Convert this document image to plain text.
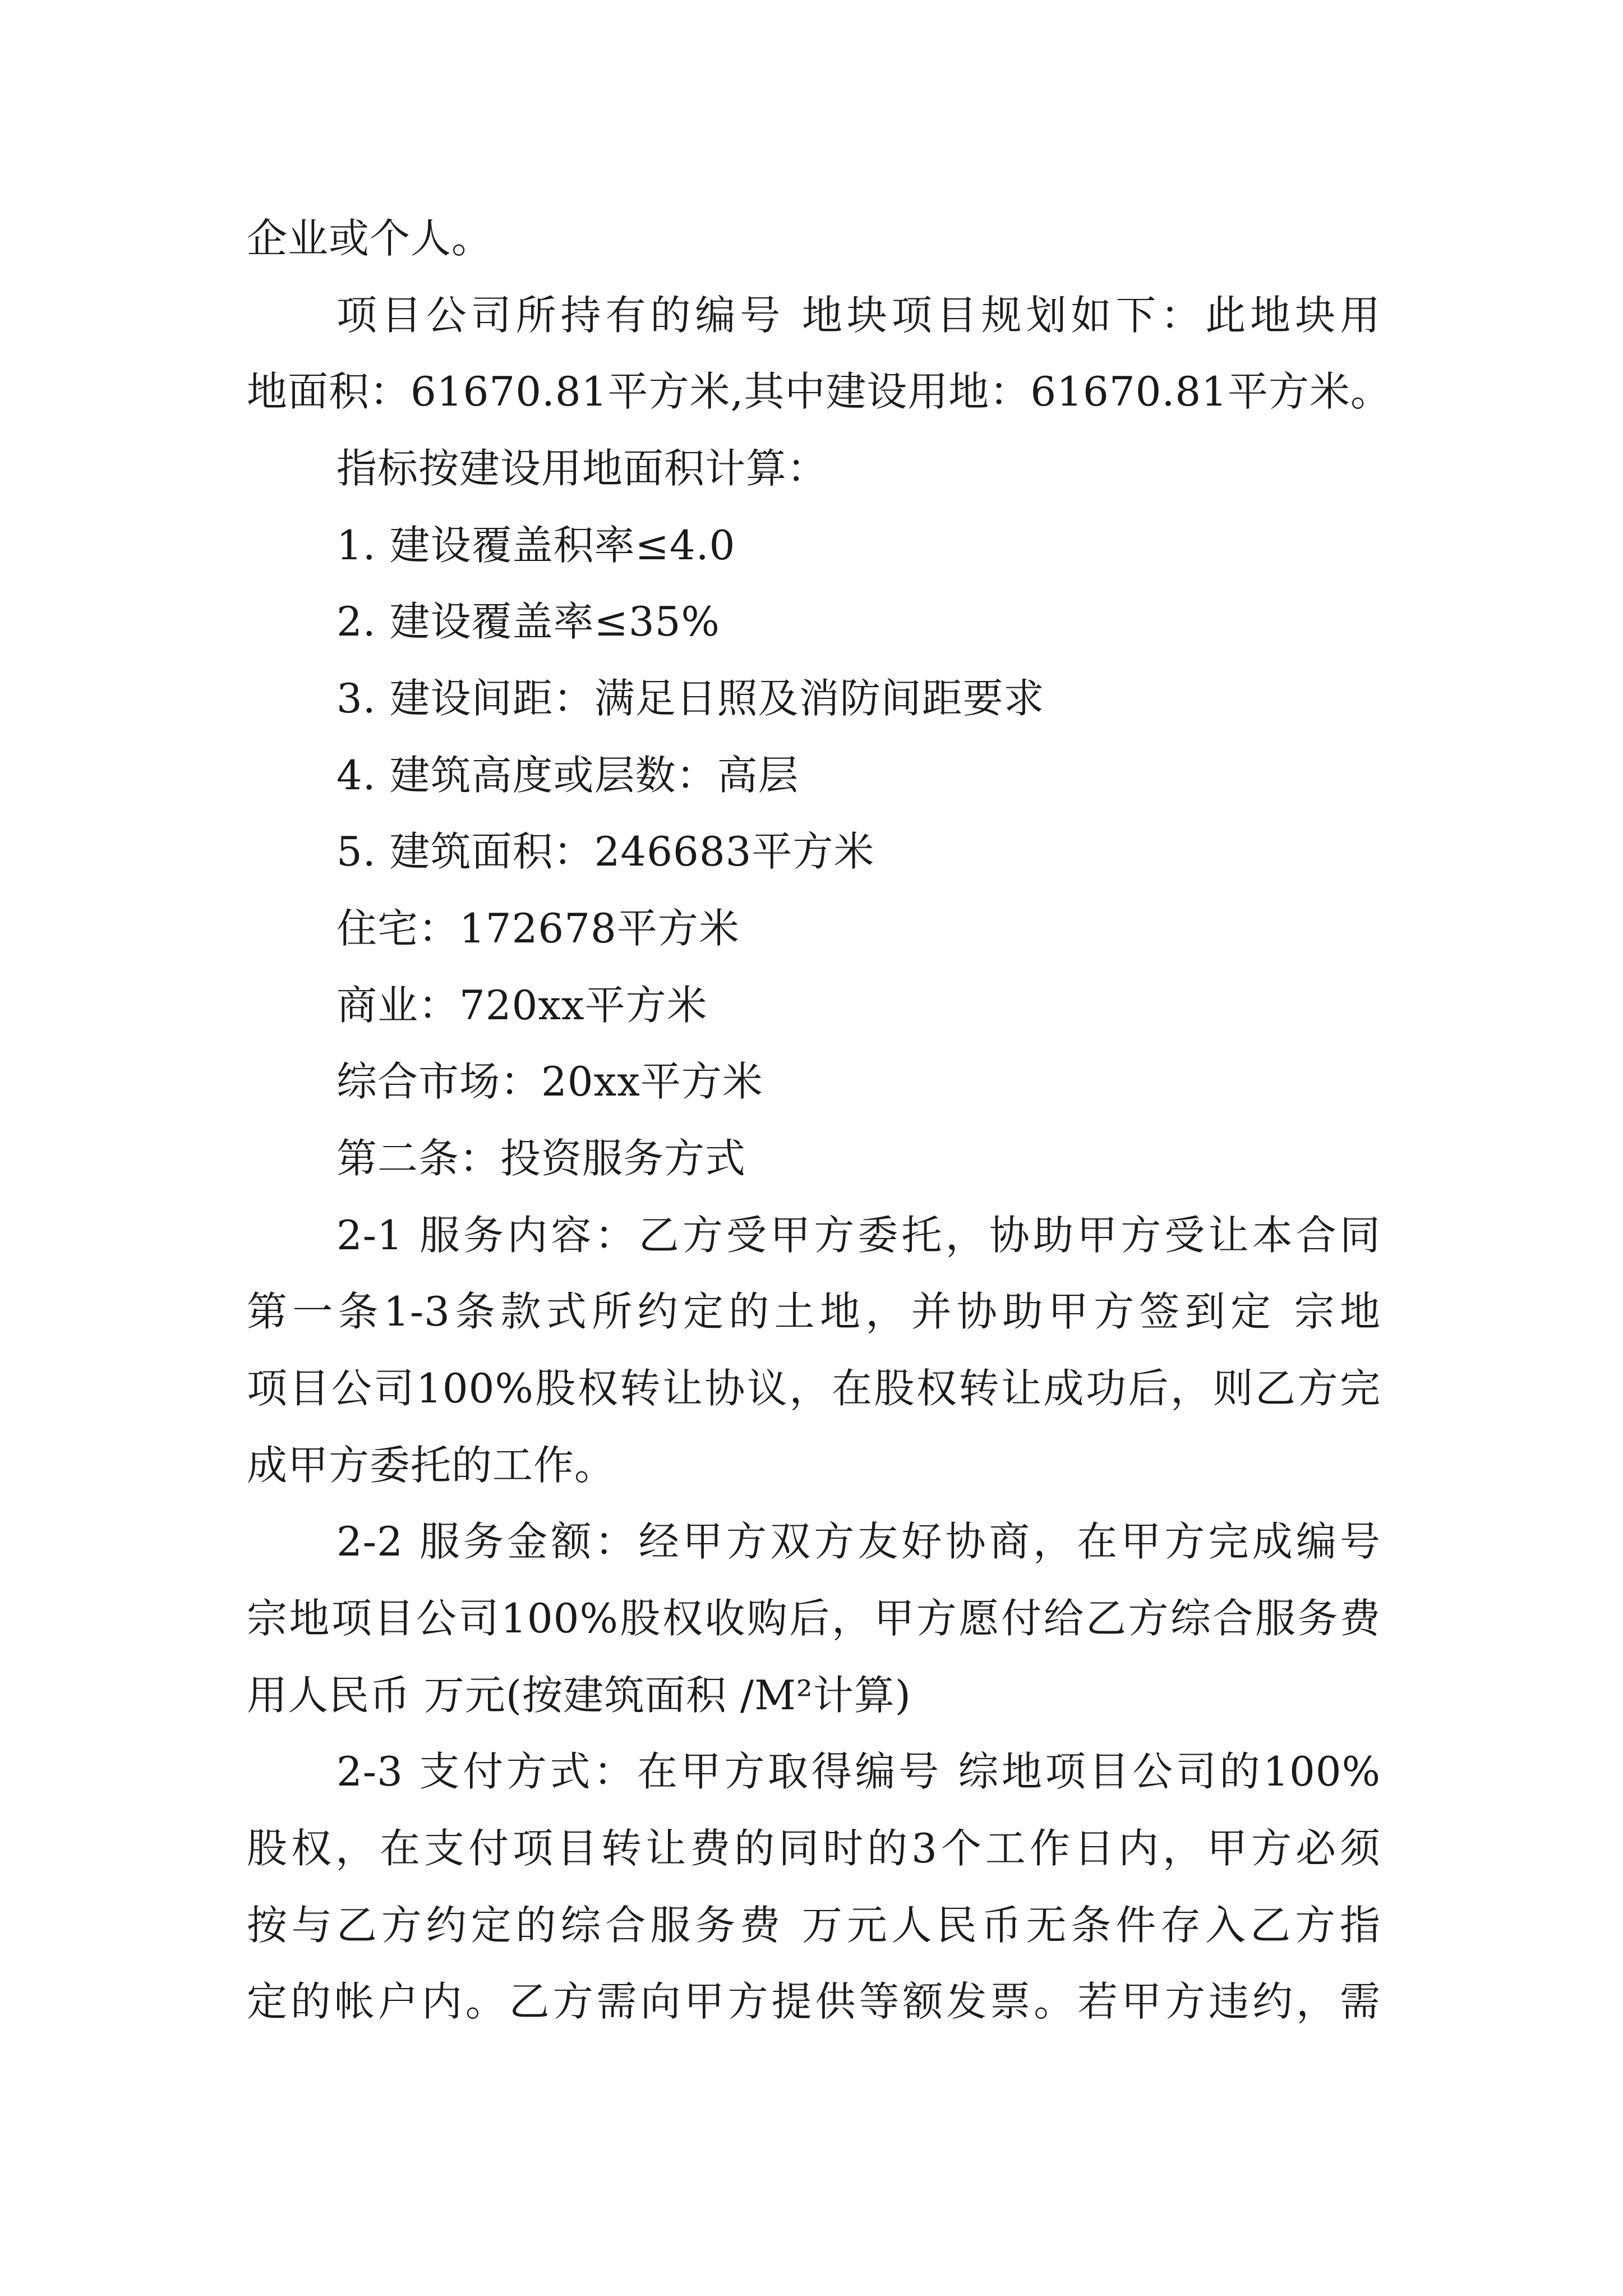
企业或个人。

项目公司所持有的编号 地块项目规划如下：此地块用

地面积：61670.81平方米,其中建设用地：61670.81平方米。

指标按建设用地面积计算：

1. 建设覆盖积率≤4.0

2. 建设覆盖率≤35%

3. 建设间距：满足日照及消防间距要求

4. 建筑高度或层数：高层

5. 建筑面积：246683平方米

住宅：172678平方米

商业：720xx平方米

综合市场：20xx平方米

第二条：投资服务方式

2-1 服务内容：乙方受甲方委托，协助甲方受让本合同

第一条1-3条款式所约定的土地，并协助甲方签到定 宗地

项目公司100%股权转让协议，在股权转让成功后，则乙方完

成甲方委托的工作。

2-2 服务金额：经甲方双方友好协商，在甲方完成编号

宗地项目公司100%股权收购后，甲方愿付给乙方综合服务费

用人民币 万元(按建筑面积 /M²计算)

2-3 支付方式：在甲方取得编号 综地项目公司的100%

股权，在支付项目转让费的同时的3个工作日内，甲方必须

按与乙方约定的综合服务费 万元人民币无条件存入乙方指

定的帐户内。乙方需向甲方提供等额发票。若甲方违约，需
